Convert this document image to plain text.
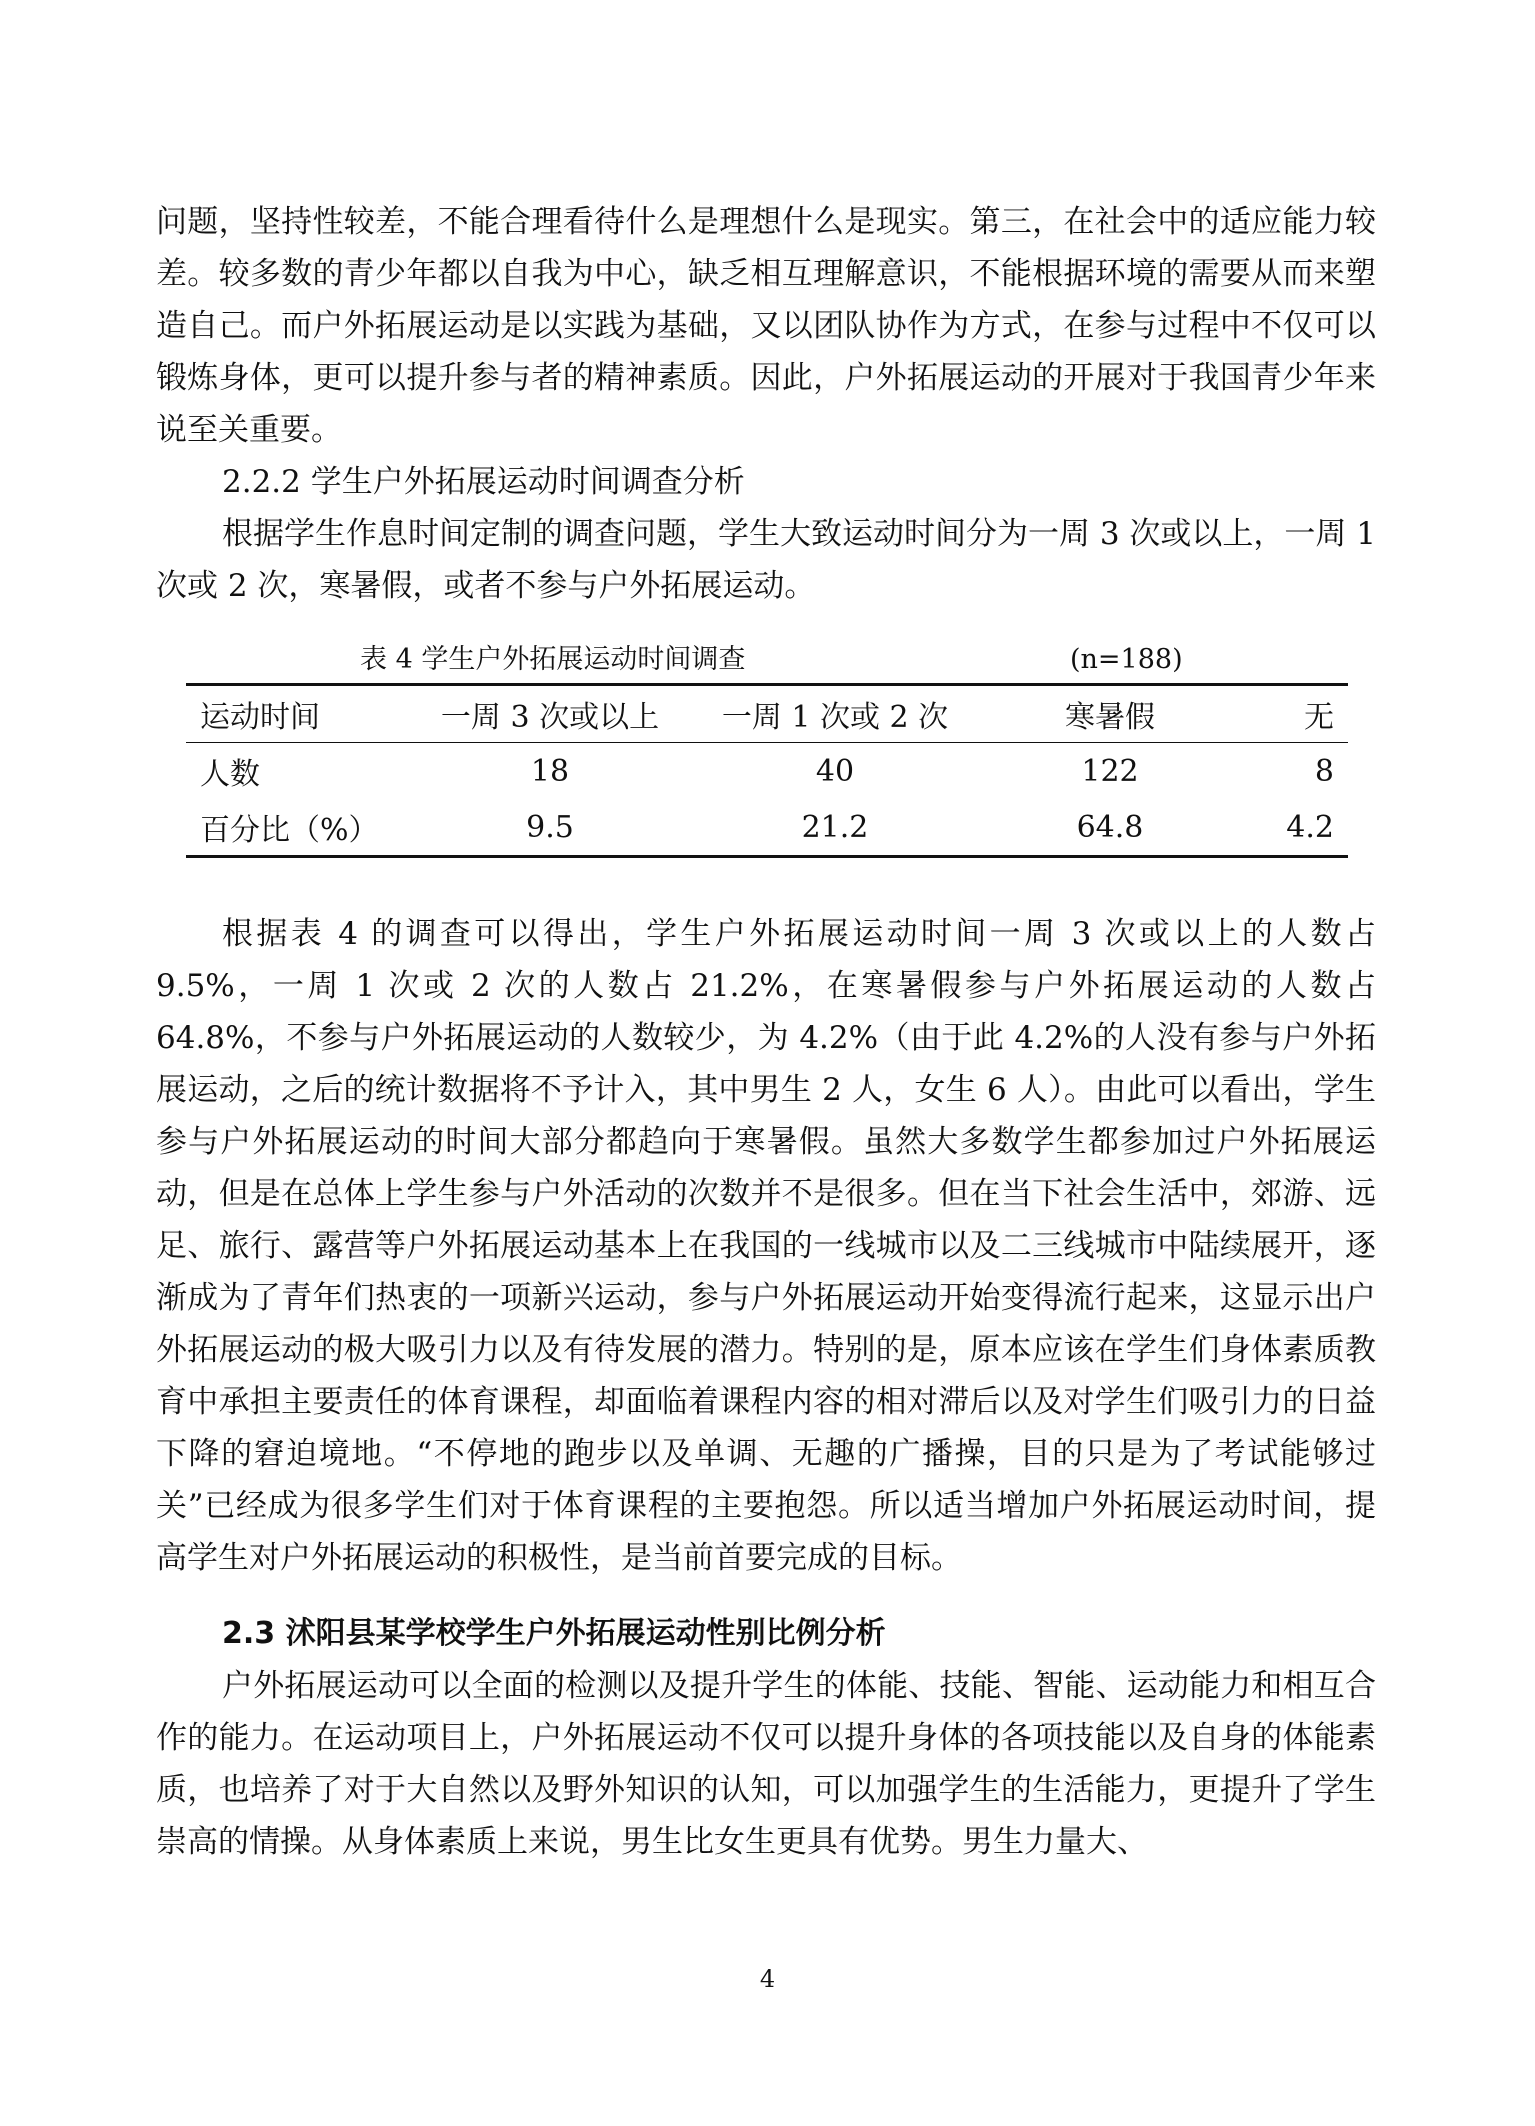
问题，坚持性较差，不能合理看待什么是理想什么是现实。第三，在社会中的适应能力较差。较多数的青少年都以自我为中心，缺乏相互理解意识，不能根据环境的需要从而来塑造自己。而户外拓展运动是以实践为基础，又以团队协作为方式，在参与过程中不仅可以锻炼身体，更可以提升参与者的精神素质。因此，户外拓展运动的开展对于我国青少年来说至关重要。

2.2.2 学生户外拓展运动时间调查分析

根据学生作息时间定制的调查问题，学生大致运动时间分为一周 3 次或以上，一周 1 次或 2 次，寒暑假，或者不参与户外拓展运动。

表 4 学生户外拓展运动时间调查	(n=188)

运动时间	一周 3 次或以上	一周 1 次或 2 次	寒暑假	无
人数	18	40	122	8
百分比（%）	9.5	21.2	64.8	4.2

根据表 4 的调查可以得出，学生户外拓展运动时间一周 3 次或以上的人数占 9.5%，一周 1 次或 2 次的人数占 21.2%，在寒暑假参与户外拓展运动的人数占 64.8%，不参与户外拓展运动的人数较少，为 4.2%（由于此 4.2%的人没有参与户外拓展运动，之后的统计数据将不予计入，其中男生 2 人，女生 6 人）。由此可以看出，学生参与户外拓展运动的时间大部分都趋向于寒暑假。虽然大多数学生都参加过户外拓展运动，但是在总体上学生参与户外活动的次数并不是很多。但在当下社会生活中，郊游、远足、旅行、露营等户外拓展运动基本上在我国的一线城市以及二三线城市中陆续展开，逐渐成为了青年们热衷的一项新兴运动，参与户外拓展运动开始变得流行起来，这显示出户外拓展运动的极大吸引力以及有待发展的潜力。特别的是，原本应该在学生们身体素质教育中承担主要责任的体育课程，却面临着课程内容的相对滞后以及对学生们吸引力的日益下降的窘迫境地。“不停地的跑步以及单调、无趣的广播操，目的只是为了考试能够过关”已经成为很多学生们对于体育课程的主要抱怨。所以适当增加户外拓展运动时间，提高学生对户外拓展运动的积极性，是当前首要完成的目标。

2.3 沭阳县某学校学生户外拓展运动性别比例分析

户外拓展运动可以全面的检测以及提升学生的体能、技能、智能、运动能力和相互合作的能力。在运动项目上，户外拓展运动不仅可以提升身体的各项技能以及自身的体能素质，也培养了对于大自然以及野外知识的认知，可以加强学生的生活能力，更提升了学生崇高的情操。从身体素质上来说，男生比女生更具有优势。男生力量大、

4
